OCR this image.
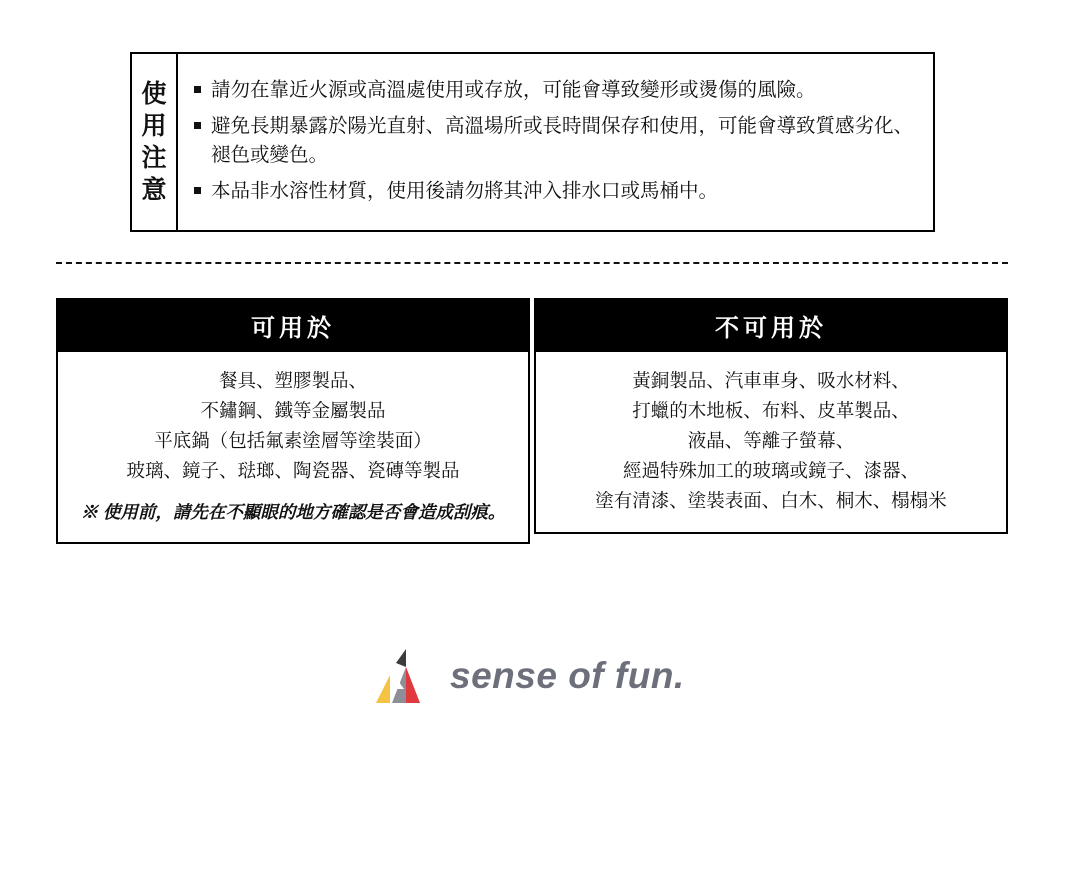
使
用
注
意
請勿在靠近火源或高溫處使用或存放，可能會導致變形或燙傷的風險。
避免長期暴露於陽光直射、高溫場所或長時間保存和使用，可能會導致質感劣化、褪色或變色。
本品非水溶性材質，使用後請勿將其沖入排水口或馬桶中。
可用於
餐具、塑膠製品、
不鏽鋼、鐵等金屬製品
平底鍋（包括氟素塗層等塗裝面）
玻璃、鏡子、琺瑯、陶瓷器、瓷磚等製品
※ 使用前，請先在不顯眼的地方確認是否會造成刮痕。
不可用於
黃銅製品、汽車車身、吸水材料、
打蠟的木地板、布料、皮革製品、
液晶、等離子螢幕、
經過特殊加工的玻璃或鏡子、漆器、
塗有清漆、塗裝表面、白木、桐木、榻榻米
sense of fun.
